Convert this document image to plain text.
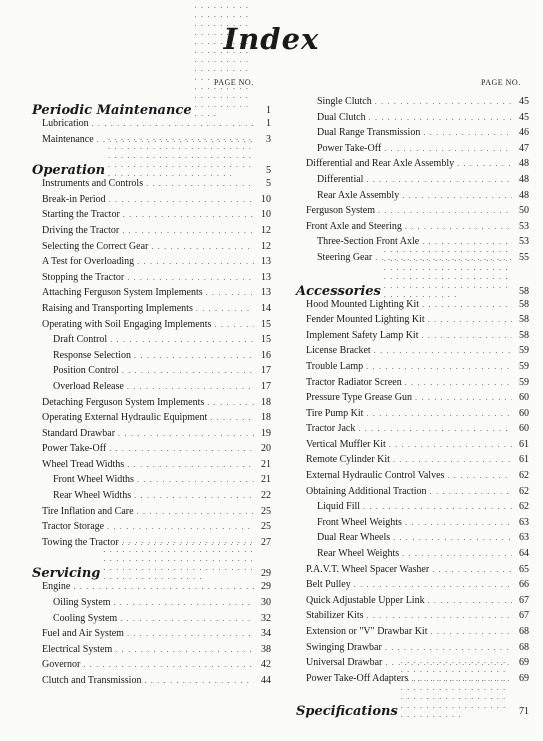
Index
PAGE NO.	PAGE NO.
Periodic Maintenance . . .	1
Lubrication . . .	1
Maintenance . . .	3
Operation . . .	5
Instruments and Controls . . .	5
Break-in Period . . .	10
Starting the Tractor . . .	10
Driving the Tractor . . .	12
Selecting the Correct Gear . . .	12
A Test for Overloading . . .	13
Stopping the Tractor . . .	13
Attaching Ferguson System Implements . . .	13
Raising and Transporting Implements . . .	14
Operating with Soil Engaging Implements . . .	15
Draft Control . . .	15
Response Selection . . .	16
Position Control . . .	17
Overload Release . . .	17
Detaching Ferguson System Implements . . .	18
Operating External Hydraulic Equipment . . .	18
Standard Drawbar . . .	19
Power Take-Off . . .	20
Wheel Tread Widths . . .	21
Front Wheel Widths . . .	21
Rear Wheel Widths . . .	22
Tire Inflation and Care . . .	25
Tractor Storage . . .	25
Towing the Tractor . . .	27
Servicing . . .	29
Engine . . .	29
Oiling System . . .	30
Cooling System . . .	32
Fuel and Air System . . .	34
Electrical System . . .	38
Governor . . .	42
Clutch and Transmission . . .	44
Single Clutch . . .	45
Dual Clutch . . .	45
Dual Range Transmission . . .	46
Power Take-Off . . .	47
Differential and Rear Axle Assembly . . .	48
Differential . . .	48
Rear Axle Assembly . . .	48
Ferguson System . . .	50
Front Axle and Steering . . .	53
Three-Section Front Axle . . .	53
Steering Gear . . .	55
Accessories . . .	58
Hood Mounted Lighting Kit . . .	58
Fender Mounted Lighting Kit . . .	58
Implement Safety Lamp Kit . . .	58
License Bracket . . .	59
Trouble Lamp . . .	59
Tractor Radiator Screen . . .	59
Pressure Type Grease Gun . . .	60
Tire Pump Kit . . .	60
Tractor Jack . . .	60
Vertical Muffler Kit . . .	61
Remote Cylinder Kit . . .	61
External Hydraulic Control Valves . . .	62
Obtaining Additional Traction . . .	62
Liquid Fill . . .	62
Front Wheel Weights . . .	63
Dual Rear Wheels . . .	63
Rear Wheel Weights . . .	64
P.A.V.T. Wheel Spacer Washer . . .	65
Belt Pulley . . .	66
Quick Adjustable Upper Link . . .	67
Stabilizer Kits . . .	67
Extension or "V" Drawbar Kit . . .	68
Swinging Drawbar . . .	68
Universal Drawbar . . .	69
Power Take-Off Adapters . . .	69
Specifications . . .	71
